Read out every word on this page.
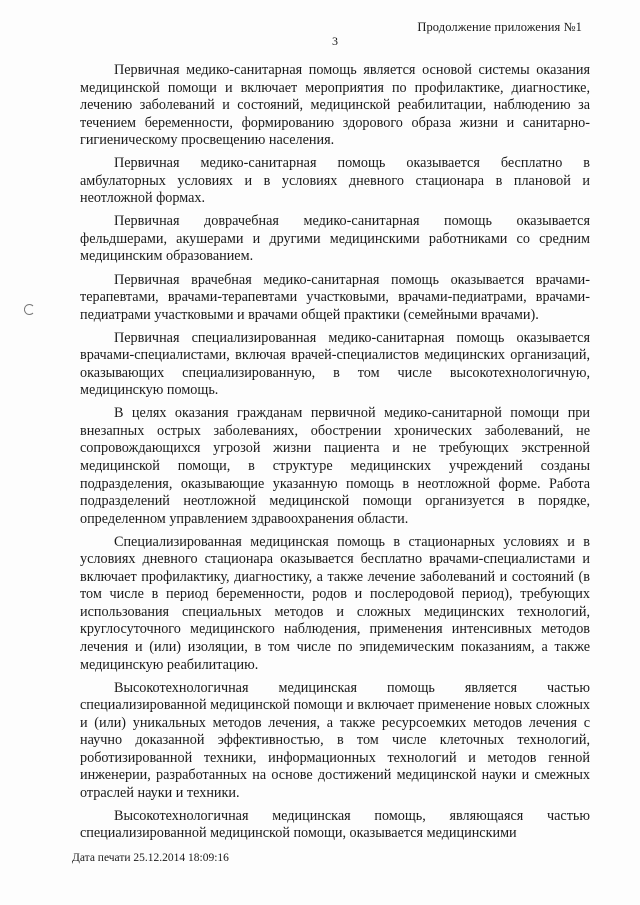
Продолжение приложения №1
3

Первичная медико-санитарная помощь является основой системы оказания медицинской помощи и включает мероприятия по профилактике, диагностике, лечению заболеваний и состояний, медицинской реабилитации, наблюдению за течением беременности, формированию здорового образа жизни и санитарно-гигиеническому просвещению населения.

Первичная медико-санитарная помощь оказывается бесплатно в амбулаторных условиях и в условиях дневного стационара в плановой и неотложной формах.

Первичная доврачебная медико-санитарная помощь оказывается фельдшерами, акушерами и другими медицинскими работниками со средним медицинским образованием.

Первичная врачебная медико-санитарная помощь оказывается врачами-терапевтами, врачами-терапевтами участковыми, врачами-педиатрами, врачами-педиатрами участковыми и врачами общей практики (семейными врачами).

Первичная специализированная медико-санитарная помощь оказывается врачами-специалистами, включая врачей-специалистов медицинских организаций, оказывающих специализированную, в том числе высокотехнологичную, медицинскую помощь.

В целях оказания гражданам первичной медико-санитарной помощи при внезапных острых заболеваниях, обострении хронических заболеваний, не сопровождающихся угрозой жизни пациента и не требующих экстренной медицинской помощи, в структуре медицинских учреждений созданы подразделения, оказывающие указанную помощь в неотложной форме. Работа подразделений неотложной медицинской помощи организуется в порядке, определенном управлением здравоохранения области.

Специализированная медицинская помощь в стационарных условиях и в условиях дневного стационара оказывается бесплатно врачами-специалистами и включает профилактику, диагностику, а также лечение заболеваний и состояний (в том числе в период беременности, родов и послеродовой период), требующих использования специальных методов и сложных медицинских технологий, круглосуточного медицинского наблюдения, применения интенсивных методов лечения и (или) изоляции, в том числе по эпидемическим показаниям, а также медицинскую реабилитацию.

Высокотехнологичная медицинская помощь является частью специализированной медицинской помощи и включает применение новых сложных и (или) уникальных методов лечения, а также ресурсоемких методов лечения с научно доказанной эффективностью, в том числе клеточных технологий, роботизированной техники, информационных технологий и методов генной инженерии, разработанных на основе достижений медицинской науки и смежных отраслей науки и техники.

Высокотехнологичная медицинская помощь, являющаяся частью специализированной медицинской помощи, оказывается медицинскими

Дата печати 25.12.2014 18:09:16
